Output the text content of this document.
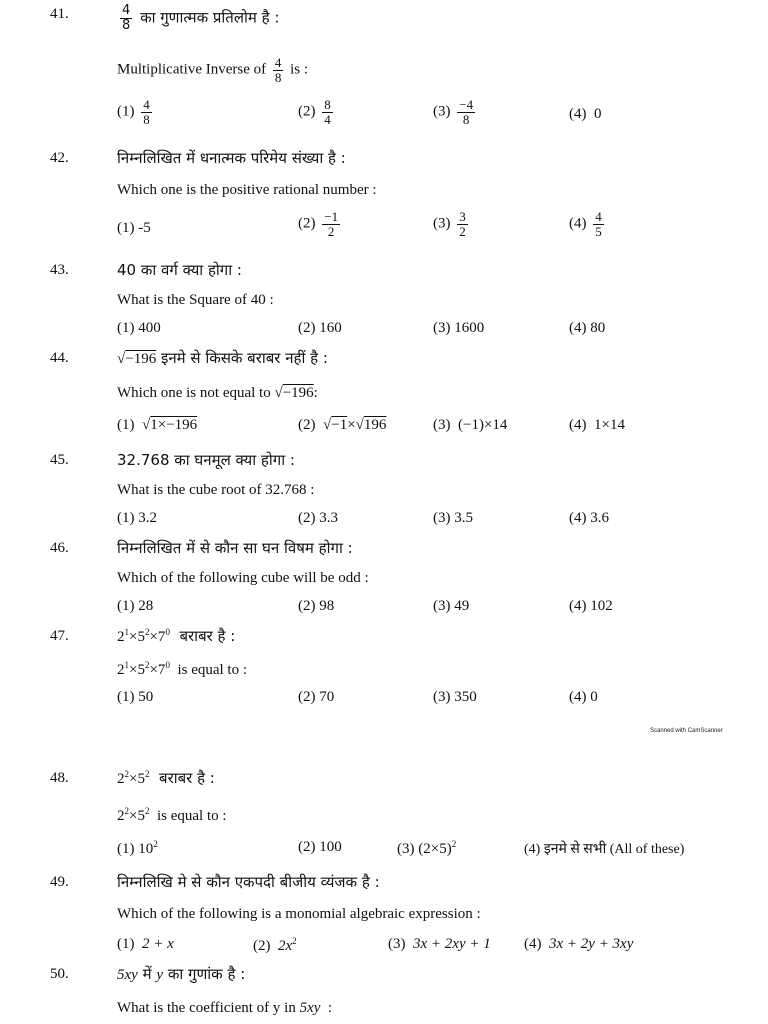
41.	$\frac{4}{8}$ का गुणात्मक प्रतिलोम है :
Multiplicative Inverse of $\frac{4}{8}$ is :
$(1) \frac{4}{8}$	$(2) \frac{8}{4}$	$(3) \frac{-4}{8}$	(4) 0
42.	निम्नलिखित में धनात्मक परिमेय संख्या है :
Which one is the positive rational number :
(1) -5	$(2) \frac{-1}{2}$	$(3) \frac{3}{2}$	$(4) \frac{4}{5}$
43.	40 का वर्ग क्या होगा :
What is the Square of 40 :
(1) 400	(2) 160	(3) 1600	(4) 80
44.	√−196 इनमे से किसके बराबर नहीं है :
Which one is not equal to √−196:
(1)  √1×−196	(2)  √−1×√196	(3) (−1)×14	(4) 1×14
45.	32.768 का घनमूल क्या होगा :
What is the cube root of 32.768 :
(1) 3.2	(2) 3.3	(3) 3.5	(4) 3.6
46.	निम्नलिखित में से कौन सा घन विषम होगा :
Which of the following cube will be odd :
(1) 28	(2) 98	(3) 49	(4) 102
47.	$2^1\times 5^2\times 7^0$ बराबर है :
$2^1\times 5^2\times 7^0$ is equal to :
(1) 50	(2) 70	(3) 350	(4) 0
Scanned with CamScanner
48.	$2^2\times 5^2$ बराबर है :
$2^2\times 5^2$ is equal to :
(1) $10^2$	(2) 100	(3) $(2\times 5)^2$	(4) इनमे से सभी (All of these)
49.	निम्नलिखि मे से कौन एकपदी बीजीय व्यंजक है :
Which of the following is a monomial algebraic expression :
(1) 2 + x	(2) $2x^2$	(3) 3x + 2xy + 1 (4) 3x + 2y + 3xy
50.	5xy में y का गुणांक है :
What is the coefficient of y in 5xy  :
